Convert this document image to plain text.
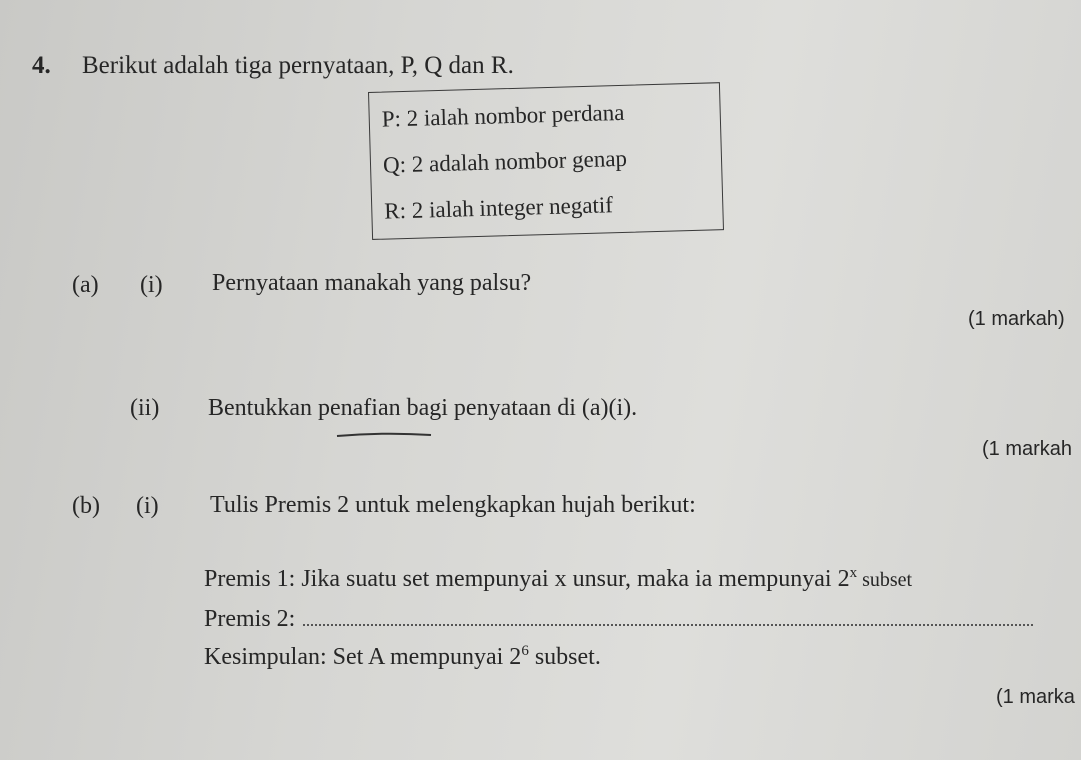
4. Berikut adalah tiga pernyataan, P, Q dan R.
P: 2 ialah nombor perdana
Q: 2 adalah nombor genap
R: 2 ialah integer negatif
(a) (i) Pernyataan manakah yang palsu?
(1 markah)
(ii) Bentukkan penafian bagi penyataan di (a)(i).
(1 markah
(b) (i) Tulis Premis 2 untuk melengkapkan hujah berikut:
Premis 1: Jika suatu set mempunyai x unsur, maka ia mempunyai 2$^x$ subset
Premis 2:
Kesimpulan: Set A mempunyai $2^6$ subset.
(1 marka
